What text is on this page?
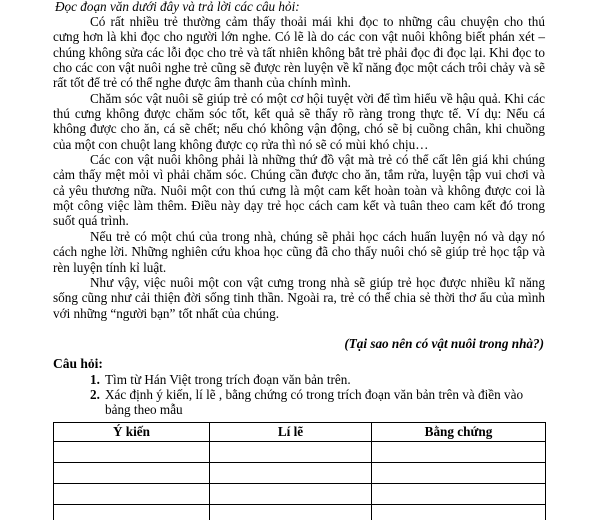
Đọc đoạn văn dưới đây và trả lời các câu hỏi:

Có rất nhiều trẻ thường cảm thấy thoải mái khi đọc to những câu chuyện cho thú cưng hơn là khi đọc cho người lớn nghe. Có lẽ là do các con vật nuôi không biết phán xét – chúng không sửa các lỗi đọc cho trẻ và tất nhiên không bắt trẻ phải đọc đi đọc lại. Khi đọc to cho các con vật nuôi nghe trẻ cũng sẽ được rèn luyện về kĩ năng đọc một cách trôi chảy và sẽ rất tốt để trẻ có thể nghe được âm thanh của chính mình.

Chăm sóc vật nuôi sẽ giúp trẻ có một cơ hội tuyệt vời để tìm hiểu về hậu quả. Khi các thú cưng không được chăm sóc tốt, kết quả sẽ thấy rõ ràng trong thực tế. Ví dụ: Nếu cá không được cho ăn, cá sẽ chết; nếu chó không vận động, chó sẽ bị cuồng chân, khi chuồng của một con chuột lang không được cọ rửa thì nó sẽ có mùi khó chịu…

Các con vật nuôi không phải là những thứ đồ vật mà trẻ có thể cất lên giá khi chúng cảm thấy mệt mỏi vì phải chăm sóc. Chúng cần được cho ăn, tắm rửa, luyện tập vui chơi và cả yêu thương nữa. Nuôi một con thú cưng là một cam kết hoàn toàn và không được coi là một công việc làm thêm. Điều này dạy trẻ học cách cam kết và tuân theo cam kết đó trong suốt quá trình.

Nếu trẻ có một chú của trong nhà, chúng sẽ phải học cách huấn luyện nó và dạy nó cách nghe lời. Những nghiên cứu khoa học cũng đã cho thấy nuôi chó sẽ giúp trẻ học tập và rèn luyện tính kỉ luật.

Như vậy, việc nuôi một con vật cưng trong nhà sẽ giúp trẻ học được nhiều kĩ năng sống cũng như cải thiện đời sống tinh thần. Ngoài ra, trẻ có thể chia sẻ thời thơ ấu của mình với những “người bạn” tốt nhất của chúng.

(Tại sao nên có vật nuôi trong nhà?)
Câu hỏi:
1. Tìm từ Hán Việt trong trích đoạn văn bản trên.
2. Xác định ý kiến, lí lẽ , bằng chứng có trong trích đoạn văn bản trên và điền vào bảng theo mẫu
Ý kiến	Lí lẽ	Bằng chứng
